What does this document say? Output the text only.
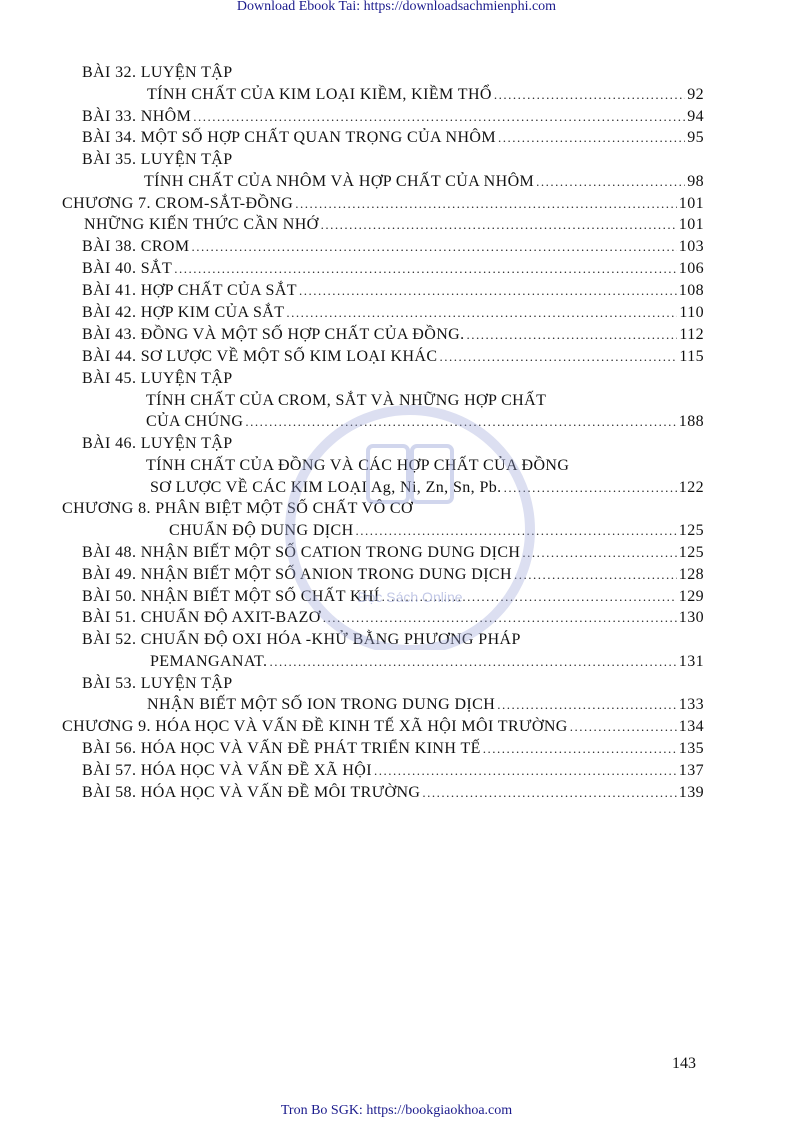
Download Ebook Tai: https://downloadsachmienphi.com
BÀI 32. LUYỆN TẬP
TÍNH CHẤT CỦA KIM LOẠI KIỀM, KIỀM THỔ .....	92
BÀI 33. NHÔM .....	94
BÀI 34. MỘT SỐ HỢP CHẤT QUAN TRỌNG CỦA NHÔM .....	95
BÀI 35. LUYỆN TẬP
TÍNH CHẤT CỦA NHÔM VÀ HỢP CHẤT CỦA NHÔM .....	98
CHƯƠNG 7. CROM-SẮT-ĐỒNG .....	101
NHỮNG KIẾN THỨC CẦN NHỚ .....	101
BÀI 38. CROM .....	103
BÀI 40. SẮT .....	106
BÀI 41. HỢP CHẤT CỦA SẮT .....	108
BÀI 42. HỢP KIM CỦA SẮT .....	110
BÀI 43. ĐỒNG VÀ MỘT SỐ HỢP CHẤT CỦA ĐỒNG. .....	112
BÀI 44. SƠ LƯỢC VỀ MỘT SỐ KIM LOẠI KHÁC .....	115
BÀI 45. LUYỆN TẬP
TÍNH CHẤT CỦA CROM, SẮT VÀ NHỮNG HỢP CHẤT
CỦA CHÚNG .....	188
BÀI 46. LUYỆN TẬP
TÍNH CHẤT CỦA ĐỒNG VÀ CÁC HỢP CHẤT CỦA ĐỒNG
SƠ LƯỢC VỀ CÁC KIM LOẠI Ag, Ni, Zn, Sn, Pb. .....	122
CHƯƠNG 8. PHÂN BIỆT MỘT SỐ CHẤT VÔ CƠ
CHUẨN ĐỘ DUNG DỊCH .....	125
BÀI 48. NHẬN BIẾT MỘT SỐ CATION TRONG DUNG DỊCH .....	125
BÀI 49. NHẬN BIẾT MỘT SỐ ANION TRONG DUNG DỊCH .....	128
BÀI 50. NHẬN BIẾT MỘT SỐ CHẤT KHÍ .....	129
BÀI 51. CHUẨN ĐỘ AXIT-BAZƠ .....	130
BÀI 52. CHUẨN ĐỘ OXI HÓA -KHỬ BẰNG PHƯƠNG PHÁP
PEMANGANAT. .....	131
BÀI 53. LUYỆN TẬP
NHẬN BIẾT MỘT SỐ ION TRONG DUNG DỊCH .....	133
CHƯƠNG 9. HÓA HỌC VÀ VẤN ĐỀ KINH TẾ XÃ HỘI MÔI TRƯỜNG .....	134
BÀI 56. HÓA HỌC VÀ VẤN ĐỀ PHÁT TRIỂN KINH TẾ .....	135
BÀI 57. HÓA HỌC VÀ VẤN ĐỀ XÃ HỘI .....	137
BÀI 58. HÓA HỌC VÀ VẤN ĐỀ MÔI TRƯỜNG .....	139
Đọc Sách Online
143
Tron Bo SGK: https://bookgiaokhoa.com
